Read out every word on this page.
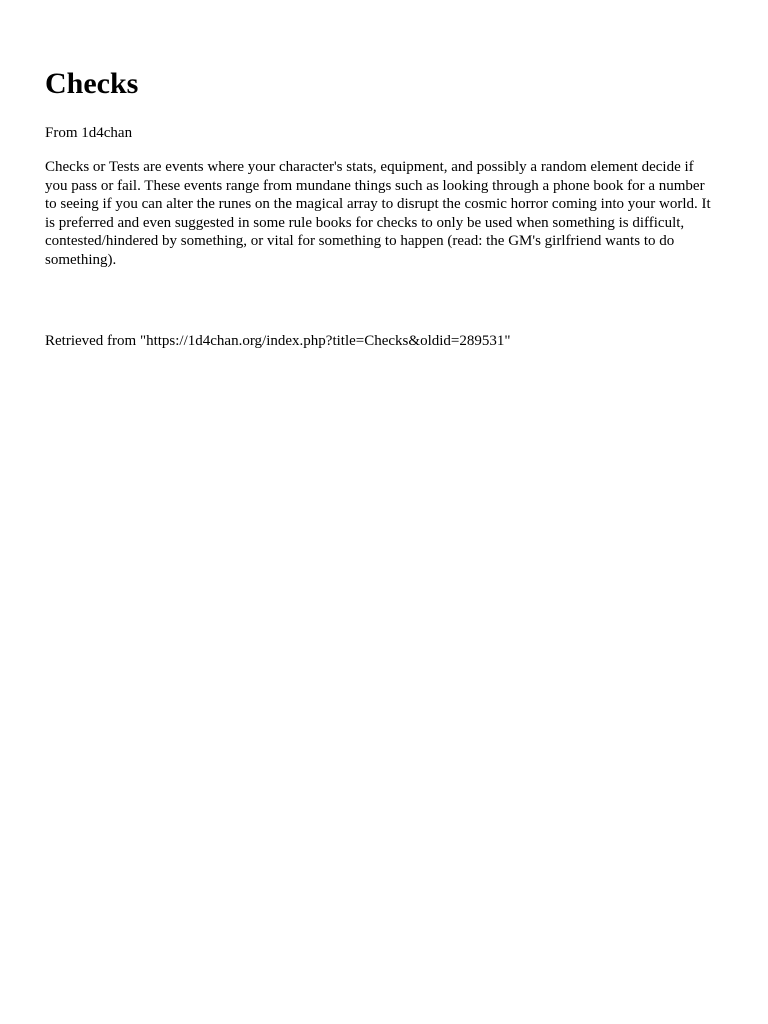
Checks

From 1d4chan

Checks or Tests are events where your character's stats, equipment, and possibly a random element decide if you pass or fail. These events range from mundane things such as looking through a phone book for a number to seeing if you can alter the runes on the magical array to disrupt the cosmic horror coming into your world. It is preferred and even suggested in some rule books for checks to only be used when something is difficult, contested/hindered by something, or vital for something to happen (read: the GM's girlfriend wants to do something).

Retrieved from "https://1d4chan.org/index.php?title=Checks&oldid=289531"
